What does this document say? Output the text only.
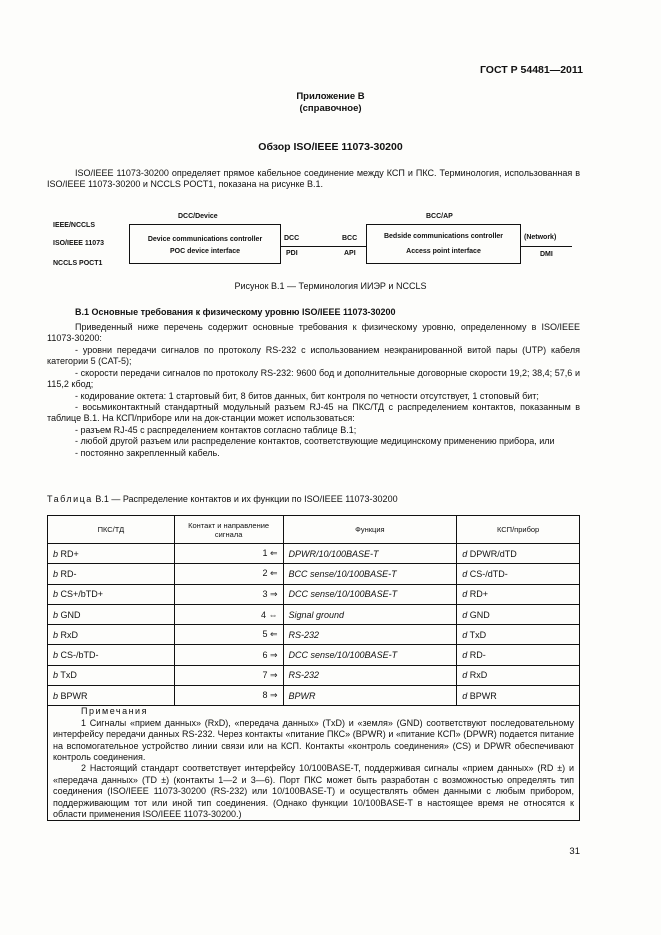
ГОСТ Р 54481—2011
Приложение В
(справочное)
Обзор ISO/IEEE 11073-30200
ISO/IEEE 11073-30200 определяет прямое кабельное соединение между КСП и ПКС. Терминология, использованная в ISO/IEEE 11073-30200 и NCCLS POCT1, показана на рисунке В.1.
IEEE/NCCLS
ISO/IEEE 11073
NCCLS POCT1
DCC/Device	BCC/AP
Device communications controller
POC device interface
DCC
PDI
BCC
API
Bedside communications controller
Access point interface
(Network)
DMI
Рисунок В.1 — Терминология ИИЭР и NCCLS
В.1 Основные требования к физическому уровню ISO/IEEE 11073-30200
Приведенный ниже перечень содержит основные требования к физическому уровню, определенному в ISO/IEEE 11073-30200:
- уровни передачи сигналов по протоколу RS-232 с использованием неэкранированной витой пары (UTP) кабеля категории 5 (CAT-5);
- скорости передачи сигналов по протоколу RS-232: 9600 бод и дополнительные договорные скорости 19,2; 38,4; 57,6 и 115,2 кбод;
- кодирование октета: 1 стартовый бит, 8 битов данных, бит контроля по четности отсутствует, 1 стоповый бит;
- восьмиконтактный стандартный модульный разъем RJ-45 на ПКС/ТД с распределением контактов, показанным в таблице В.1. На КСП/приборе или на док-станции может использоваться:
- разъем RJ-45 с распределением контактов согласно таблице В.1;
- любой другой разъем или распределение контактов, соответствующие медицинскому применению прибора, или
- постоянно закрепленный кабель.
Таблица В.1 — Распределение контактов и их функции по ISO/IEEE 11073-30200
ПКС/ТД	Контакт и направление сигнала	Функция	КСП/прибор
b RD+	1 ⇐	DPWR/10/100BASE-T	d DPWR/dTD
b RD-	2 ⇐	BCC sense/10/100BASE-T	d CS-/dTD-
b CS+/bTD+	3 ⇒	DCC sense/10/100BASE-T	d RD+
b GND	4 ⇔	Signal ground	d GND
b RxD	5 ⇐	RS-232	d TxD
b CS-/bTD-	6 ⇒	DCC sense/10/100BASE-T	d RD-
b TxD	7 ⇒	RS-232	d RxD
b BPWR	8 ⇒	BPWR	d BPWR

Примечания
1 Сигналы «прием данных» (RxD), «передача данных» (TxD) и «земля» (GND) соответствуют последовательному интерфейсу передачи данных RS-232. Через контакты «питание ПКС» (BPWR) и «питание КСП» (DPWR) подается питание на вспомогательное устройство линии связи или на КСП. Контакты «контроль соединения» (CS) и DPWR обеспечивают контроль соединения.
2 Настоящий стандарт соответствует интерфейсу 10/100BASE-T, поддерживая сигналы «прием данных» (RD ±) и «передача данных» (TD ±) (контакты 1—2 и 3—6). Порт ПКС может быть разработан с возможностью определять тип соединения (ISO/IEEE 11073-30200 (RS-232) или 10/100BASE-T) и осуществлять обмен данными с любым прибором, поддерживающим тот или иной тип соединения. (Однако функции 10/100BASE-T в настоящее время не относятся к области применения ISO/IEEE 11073-30200.)			
31
